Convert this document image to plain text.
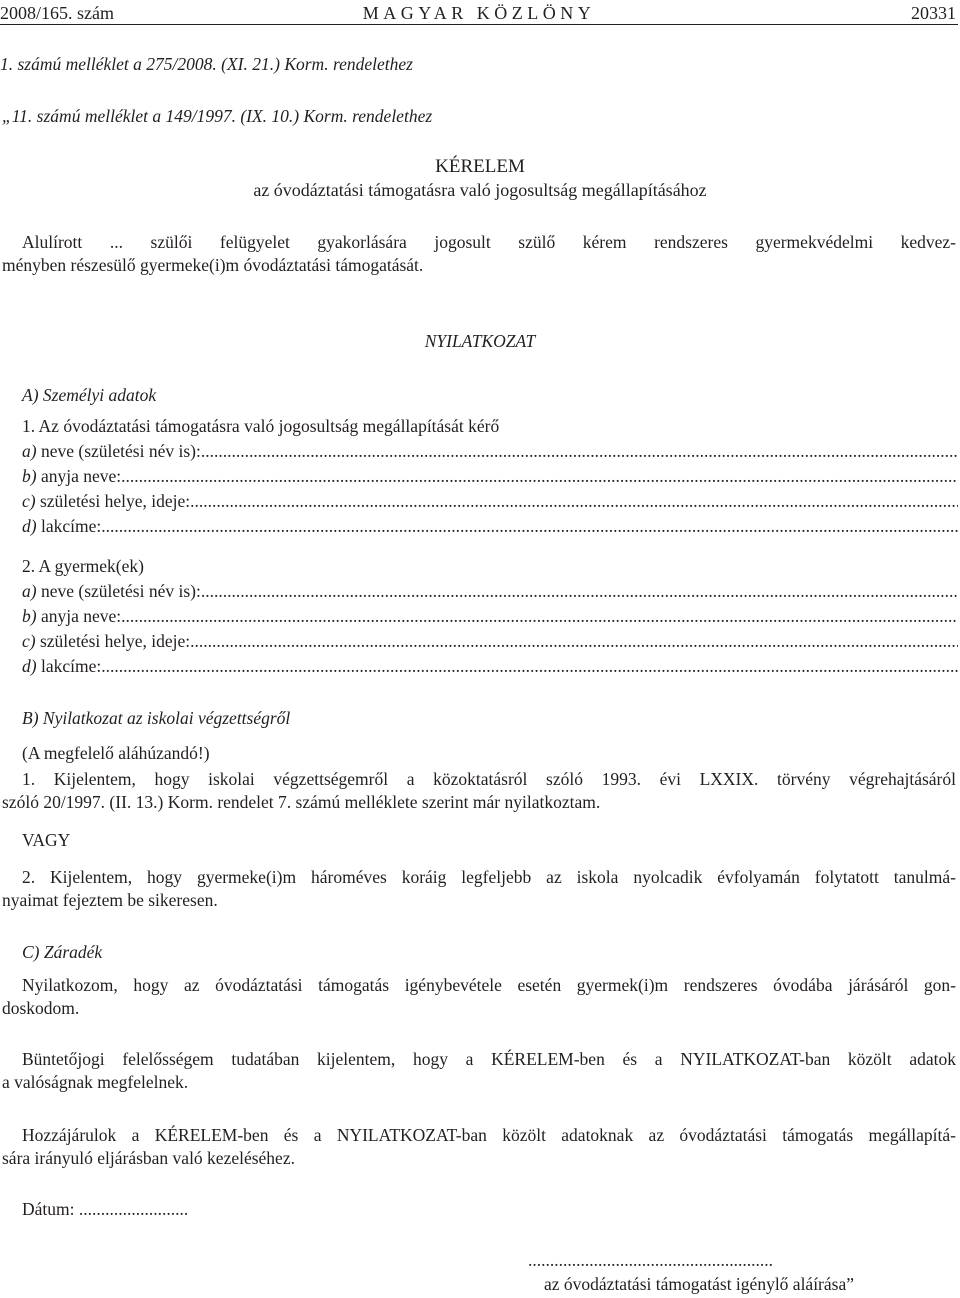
2008/165. szám	MAGYAR KÖZLÖNY	20331
1. számú melléklet a 275/2008. (XI. 21.) Korm. rendelethez
„11. számú melléklet a 149/1997. (IX. 10.) Korm. rendelethez
KÉRELEM
az óvodáztatási támogatásra való jogosultság megállapításához
Alulírott ... szülői felügyelet gyakorlására jogosult szülő kérem rendszeres gyermekvédelmi kedvez-
ményben részesülő gyermeke(i)m óvodáztatási támogatását.
NYILATKOZAT
A) Személyi adatok
1. Az óvodáztatási támogatásra való jogosultság megállapítását kérő
a) neve (születési név is):
.....
b) anyja neve:
.....
c) születési helye, ideje:
.....
d) lakcíme:
.....
2. A gyermek(ek)
a) neve (születési név is):
.....
b) anyja neve:
.....
c) születési helye, ideje:
.....
d) lakcíme:
.....
B) Nyilatkozat az iskolai végzettségről
(A megfelelő aláhúzandó!)
1. Kijelentem, hogy iskolai végzettségemről a közoktatásról szóló 1993. évi LXXIX. törvény végrehajtásáról
szóló 20/1997. (II. 13.) Korm. rendelet 7. számú melléklete szerint már nyilatkoztam.
VAGY
2. Kijelentem, hogy gyermeke(i)m hároméves koráig legfeljebb az iskola nyolcadik évfolyamán folytatott tanulmá-
nyaimat fejeztem be sikeresen.
C) Záradék
Nyilatkozom, hogy az óvodáztatási támogatás igénybevétele esetén gyermek(i)m rendszeres óvodába járásáról gon-
doskodom.
Büntetőjogi felelősségem tudatában kijelentem, hogy a KÉRELEM-ben és a NYILATKOZAT-ban közölt adatok
a valóságnak megfelelnek.
Hozzájárulok a KÉRELEM-ben és a NYILATKOZAT-ban közölt adatoknak az óvodáztatási támogatás megállapítá-
sára irányuló eljárásban való kezeléséhez.
Dátum: .........................
........................................................
az óvodáztatási támogatást igénylő aláírása”
